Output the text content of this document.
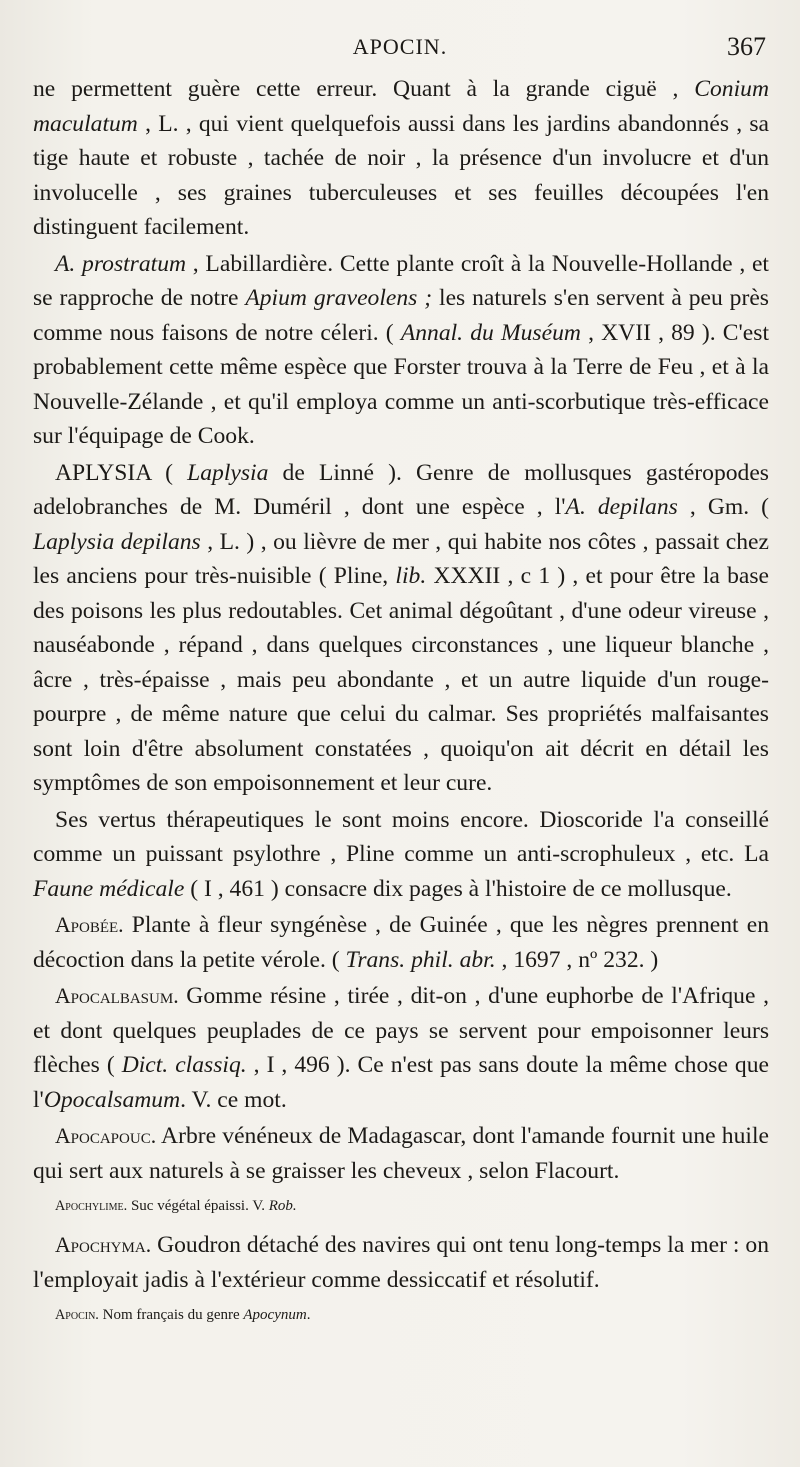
APOCIN.	367

ne permettent guère cette erreur. Quant à la grande ciguë , Conium maculatum , L. , qui vient quelquefois aussi dans les jardins abandonnés , sa tige haute et robuste , tachée de noir , la présence d'un involucre et d'un involucelle , ses graines tuberculeuses et ses feuilles découpées l'en distinguent facilement.

A. prostratum , Labillardière. Cette plante croît à la Nouvelle-Hollande , et se rapproche de notre Apium graveolens ; les naturels s'en servent à peu près comme nous faisons de notre céleri. ( Annal. du Muséum , XVII , 89 ). C'est probablement cette même espèce que Forster trouva à la Terre de Feu , et à la Nouvelle-Zélande , et qu'il employa comme un anti-scorbutique très-efficace sur l'équipage de Cook.

APLYSIA ( Laplysia de Linné ). Genre de mollusques gastéropodes adelobranches de M. Duméril , dont une espèce , l'A. depilans , Gm. ( Laplysia depilans , L. ) , ou lièvre de mer , qui habite nos côtes , passait chez les anciens pour très-nuisible ( Pline, lib. XXXII , c 1 ) , et pour être la base des poisons les plus redoutables. Cet animal dégoûtant , d'une odeur vireuse , nauséabonde , répand , dans quelques circonstances , une liqueur blanche , âcre , très-épaisse , mais peu abondante , et un autre liquide d'un rouge-pourpre , de même nature que celui du calmar. Ses propriétés malfaisantes sont loin d'être absolument constatées , quoiqu'on ait décrit en détail les symptômes de son empoisonnement et leur cure.

Ses vertus thérapeutiques le sont moins encore. Dioscoride l'a conseillé comme un puissant psylothre , Pline comme un anti-scrophuleux , etc. La Faune médicale ( I , 461 ) consacre dix pages à l'histoire de ce mollusque.

Apobée. Plante à fleur syngénèse , de Guinée , que les nègres prennent en décoction dans la petite vérole. ( Trans. phil. abr. , 1697 , nº 232. )

Apocalbasum. Gomme résine , tirée , dit-on , d'une euphorbe de l'Afrique , et dont quelques peuplades de ce pays se servent pour empoisonner leurs flèches ( Dict. classiq. , I , 496 ). Ce n'est pas sans doute la même chose que l'Opocalsamum. V. ce mot.

Apocapouc. Arbre vénéneux de Madagascar, dont l'amande fournit une huile qui sert aux naturels à se graisser les cheveux , selon Flacourt.

Apochylime. Suc végétal épaissi. V. Rob.

Apochyma. Goudron détaché des navires qui ont tenu long-temps la mer : on l'employait jadis à l'extérieur comme dessiccatif et résolutif.

Apocin. Nom français du genre Apocynum.
